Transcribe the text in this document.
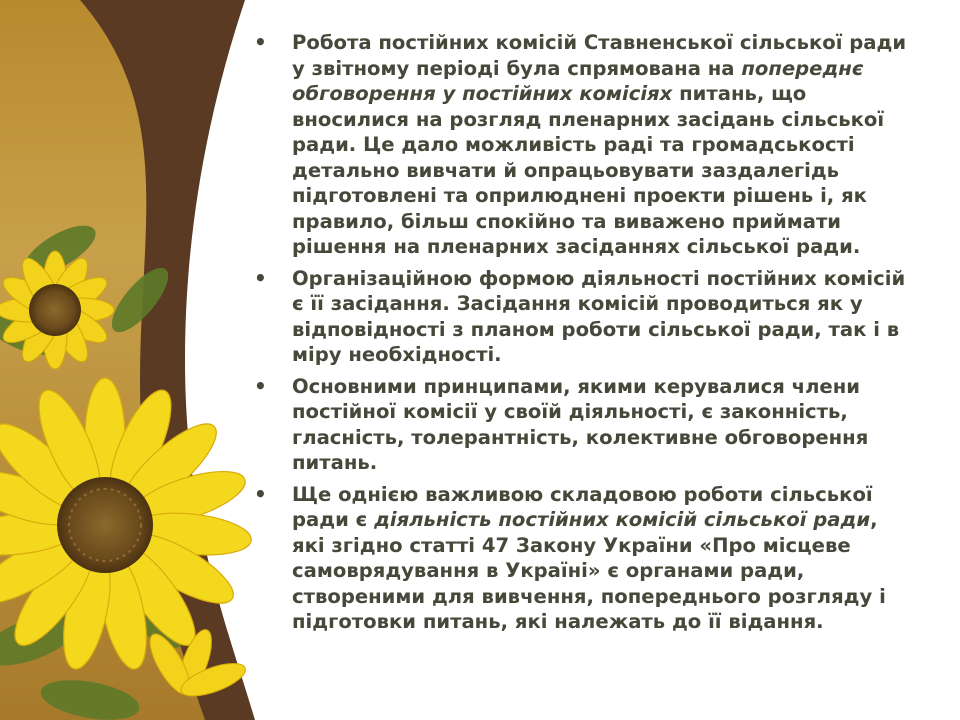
• Робота постійних комісій Ставненської сільської ради у звітному періоді була спрямована на попереднє обговорення у постійних комісіях питань, що вносилися на розгляд пленарних засідань сільської ради. Це дало можливість раді та громадськості детально вивчати й опрацьовувати заздалегідь підготовлені та оприлюднені проекти рішень і, як правило, більш спокійно та виважено приймати рішення на пленарних засіданнях сільської ради.
• Організаційною формою діяльності постійних комісій є її засідання. Засідання комісій проводиться як у відповідності з планом роботи сільської ради, так і в міру необхідності.
• Основними принципами, якими керувалися члени постійної комісії у своїй діяльності, є законність, гласність, толерантність, колективне обговорення питань.
• Ще однією важливою складовою роботи сільської ради є діяльність постійних комісій сільської ради, які згідно статті 47 Закону України «Про місцеве самоврядування в Україні» є органами ради, створеними для вивчення, попереднього розгляду і підготовки питань, які належать до її відання.
